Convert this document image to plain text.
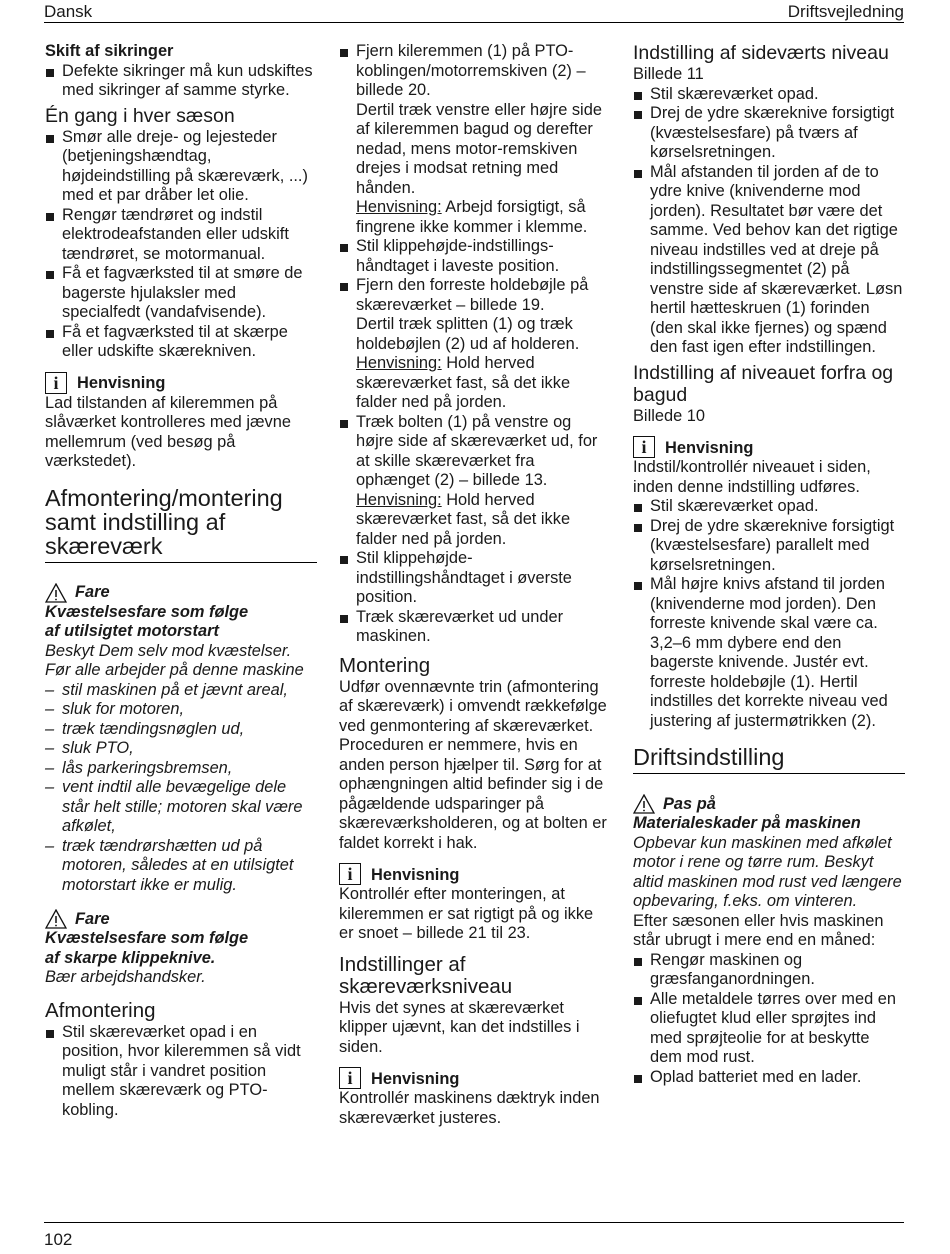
Dansk	Driftsvejledning

Skift af sikringer

Defekte sikringer må kun udskiftes med sikringer af samme styrke.

Én gang i hver sæson

Smør alle dreje- og lejesteder (betjeningshændtag, højdeindstilling på skæreværk, ...) med et par dråber let olie.
Rengør tændrøret og indstil elektrodeafstanden eller udskift tændrøret, se motormanual.
Få et fagværksted til at smøre de bagerste hjulaksler med specialfedt (vandafvisende).
Få et fagværksted til at skærpe eller udskifte skærekniven.
i	Henvisning

Lad tilstanden af kileremmen på slåværket kontrolleres med jævne mellemrum (ved besøg på værkstedet).

Afmontering/montering samt indstilling af skæreværk

Fare

Kvæstelsesfare som følge

af utilsigtet motorstart

Beskyt Dem selv mod kvæstelser.

Før alle arbejder på denne maskine

– stil maskinen på et jævnt areal,
– sluk for motoren,
– træk tændingsnøglen ud,
– sluk PTO,
– lås parkeringsbremsen,
– vent indtil alle bevægelige dele står helt stille; motoren skal være afkølet,
– træk tændrørshætten ud på motoren, således at en utilsigtet motorstart ikke er mulig.
Fare

Kvæstelsesfare som følge

af skarpe klippeknive.

Bær arbejdshandsker.

Afmontering

Stil skæreværket opad i en position, hvor kileremmen så vidt muligt står i vandret position mellem skæreværk og PTO-kobling.
Fjern kileremmen (1) på PTO-koblingen/motorremskiven (2) – billede 20.
Dertil træk venstre eller højre side af kileremmen bagud og derefter nedad, mens motor-remskiven drejes i modsat retning med hånden.
Henvisning: Arbejd forsigtigt, så fingrene ikke kommer i klemme.
Stil klippehøjde-indstillings-håndtaget i laveste position.
Fjern den forreste holdebøjle på skæreværket – billede 19.
Dertil træk splitten (1) og træk holdebøjlen (2) ud af holderen.
Henvisning: Hold herved skæreværket fast, så det ikke falder ned på jorden.
Træk bolten (1) på venstre og højre side af skæreværket ud, for at skille skæreværket fra ophænget (2) – billede 13.
Henvisning: Hold herved skæreværket fast, så det ikke falder ned på jorden.
Stil klippehøjde-indstillingshåndtaget i øverste position.
Træk skæreværket ud under maskinen.

Montering

Udfør ovennævnte trin (afmontering af skæreværk) i omvendt rækkefølge ved genmontering af skæreværket. Proceduren er nemmere, hvis en anden person hjælper til. Sørg for at ophængningen altid befinder sig i de pågældende udsparinger på skæreværksholderen, og at bolten er faldet korrekt i hak.

i	Henvisning

Kontrollér efter monteringen, at kileremmen er sat rigtigt på og ikke er snoet – billede 21 til 23.

Indstillinger af skæreværksniveau

Hvis det synes at skæreværket klipper ujævnt, kan det indstilles i siden.

i	Henvisning

Kontrollér maskinens dæktryk inden skæreværket justeres.

Indstilling af sideværts niveau

Billede 11

Stil skæreværket opad.
Drej de ydre skæreknive forsigtigt (kvæstelsesfare) på tværs af kørselsretningen.
Mål afstanden til jorden af de to ydre knive (knivenderne mod jorden). Resultatet bør være det samme. Ved behov kan det rigtige niveau indstilles ved at dreje på indstillingssegmentet (2) på venstre side af skæreværket. Løsn hertil hætteskruen (1) forinden (den skal ikke fjernes) og spænd den fast igen efter indstillingen.

Indstilling af niveauet forfra og bagud

Billede 10

i	Henvisning

Indstil/kontrollér niveauet i siden, inden denne indstilling udføres.

Stil skæreværket opad.
Drej de ydre skæreknive forsigtigt (kvæstelsesfare) parallelt med kørselsretningen.
Mål højre knivs afstand til jorden (knivenderne mod jorden). Den forreste knivende skal være ca. 3,2–6 mm dybere end den bagerste knivende. Justér evt. forreste holdebøjle (1). Hertil indstilles det korrekte niveau ved justering af justermøtrikken (2).

Driftsindstilling

Pas på

Materialeskader på maskinen

Opbevar kun maskinen med afkølet motor i rene og tørre rum. Beskyt altid maskinen mod rust ved længere opbevaring, f.eks. om vinteren.

Efter sæsonen eller hvis maskinen står ubrugt i mere end en måned:

Rengør maskinen og græsfanganordningen.
Alle metaldele tørres over med en oliefugtet klud eller sprøjtes ind med sprøjteolie for at beskytte dem mod rust.
Oplad batteriet med en lader.
102
